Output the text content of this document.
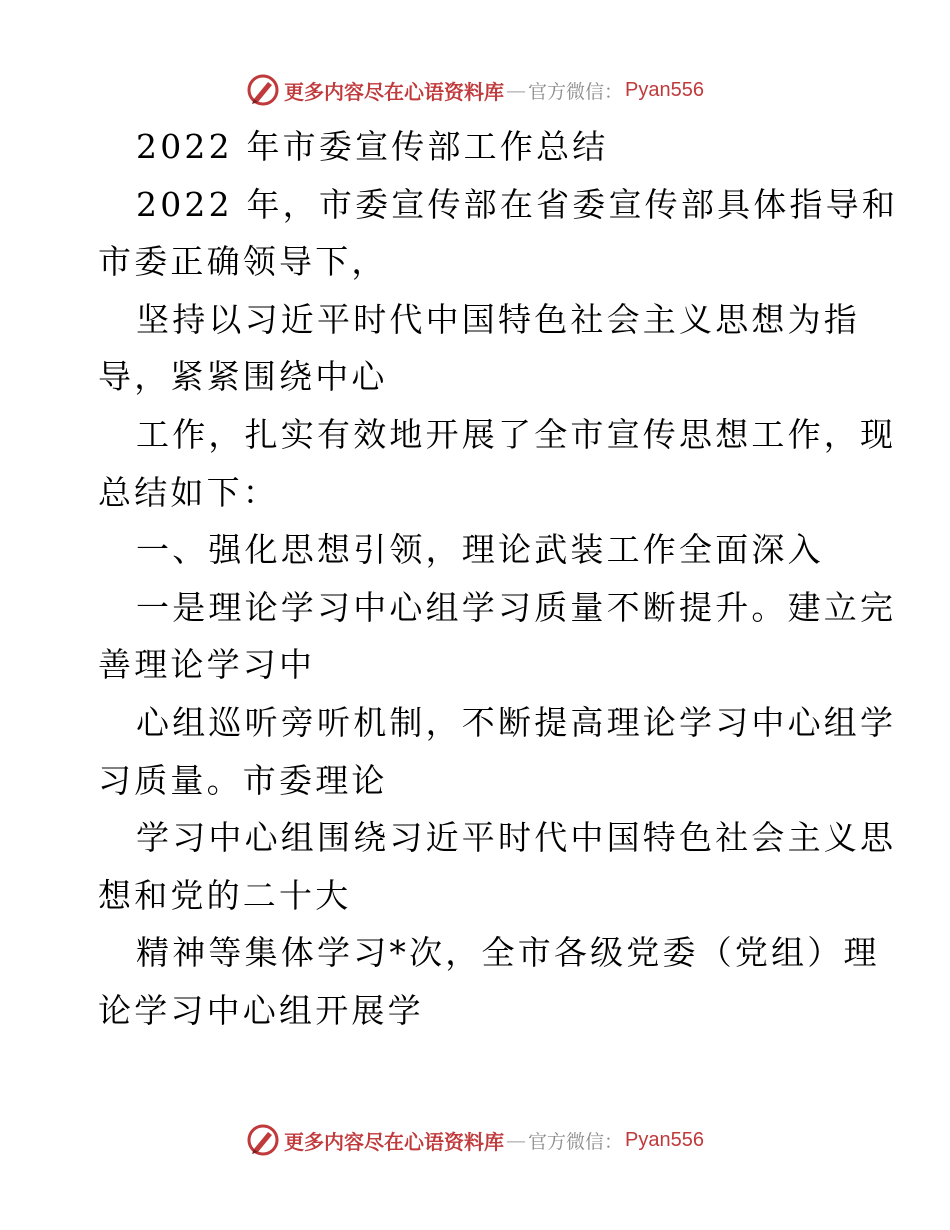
更多内容尽在心语资料库 — 官方微信： Pyan556
2022 年市委宣传部工作总结
2022 年，市委宣传部在省委宣传部具体指导和
市委正确领导下，
坚持以习近平时代中国特色社会主义思想为指
导，紧紧围绕中心
工作，扎实有效地开展了全市宣传思想工作，现
总结如下：
一、强化思想引领，理论武装工作全面深入
一是理论学习中心组学习质量不断提升。建立完
善理论学习中
心组巡听旁听机制，不断提高理论学习中心组学
习质量。市委理论
学习中心组围绕习近平时代中国特色社会主义思
想和党的二十大
精神等集体学习*次，全市各级党委（党组）理
论学习中心组开展学
更多内容尽在心语资料库 — 官方微信： Pyan556
